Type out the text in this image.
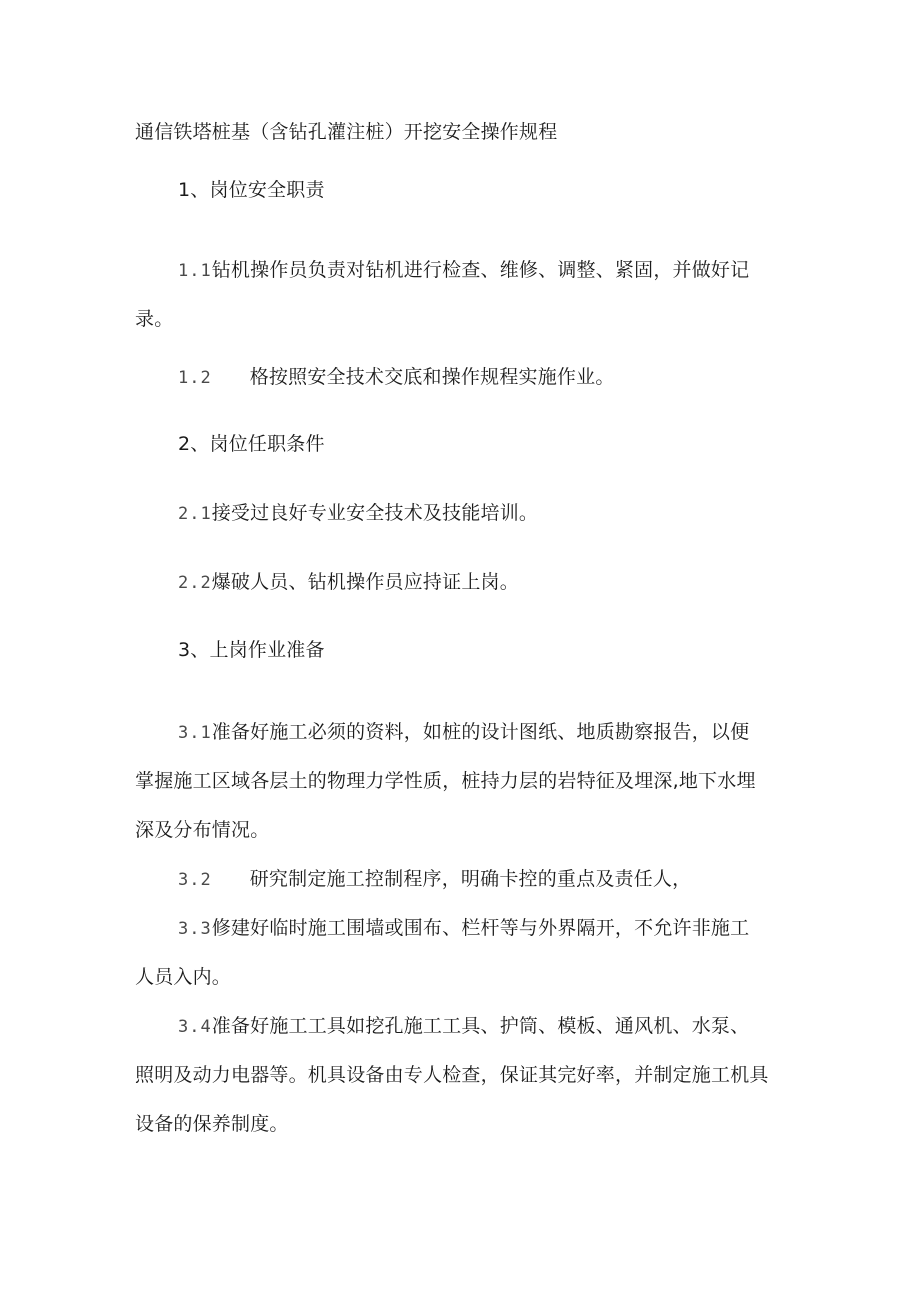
通信铁塔桩基（含钻孔灌注桩）开挖安全操作规程
1、岗位安全职责
1.1钻机操作员负责对钻机进行检查、维修、调整、紧固，并做好记
录。
1.2 格按照安全技术交底和操作规程实施作业。
2、岗位任职条件
2.1接受过良好专业安全技术及技能培训。
2.2爆破人员、钻机操作员应持证上岗。
3、上岗作业准备
3.1准备好施工必须的资料，如桩的设计图纸、地质勘察报告，以便
掌握施工区域各层土的物理力学性质，桩持力层的岩特征及埋深,地下水埋
深及分布情况。
3.2 研究制定施工控制程序，明确卡控的重点及责任人，
3.3修建好临时施工围墙或围布、栏杆等与外界隔开，不允许非施工
人员入内。
3.4准备好施工工具如挖孔施工工具、护筒、模板、通风机、水泵、
照明及动力电器等。机具设备由专人检查，保证其完好率，并制定施工机具
设备的保养制度。
